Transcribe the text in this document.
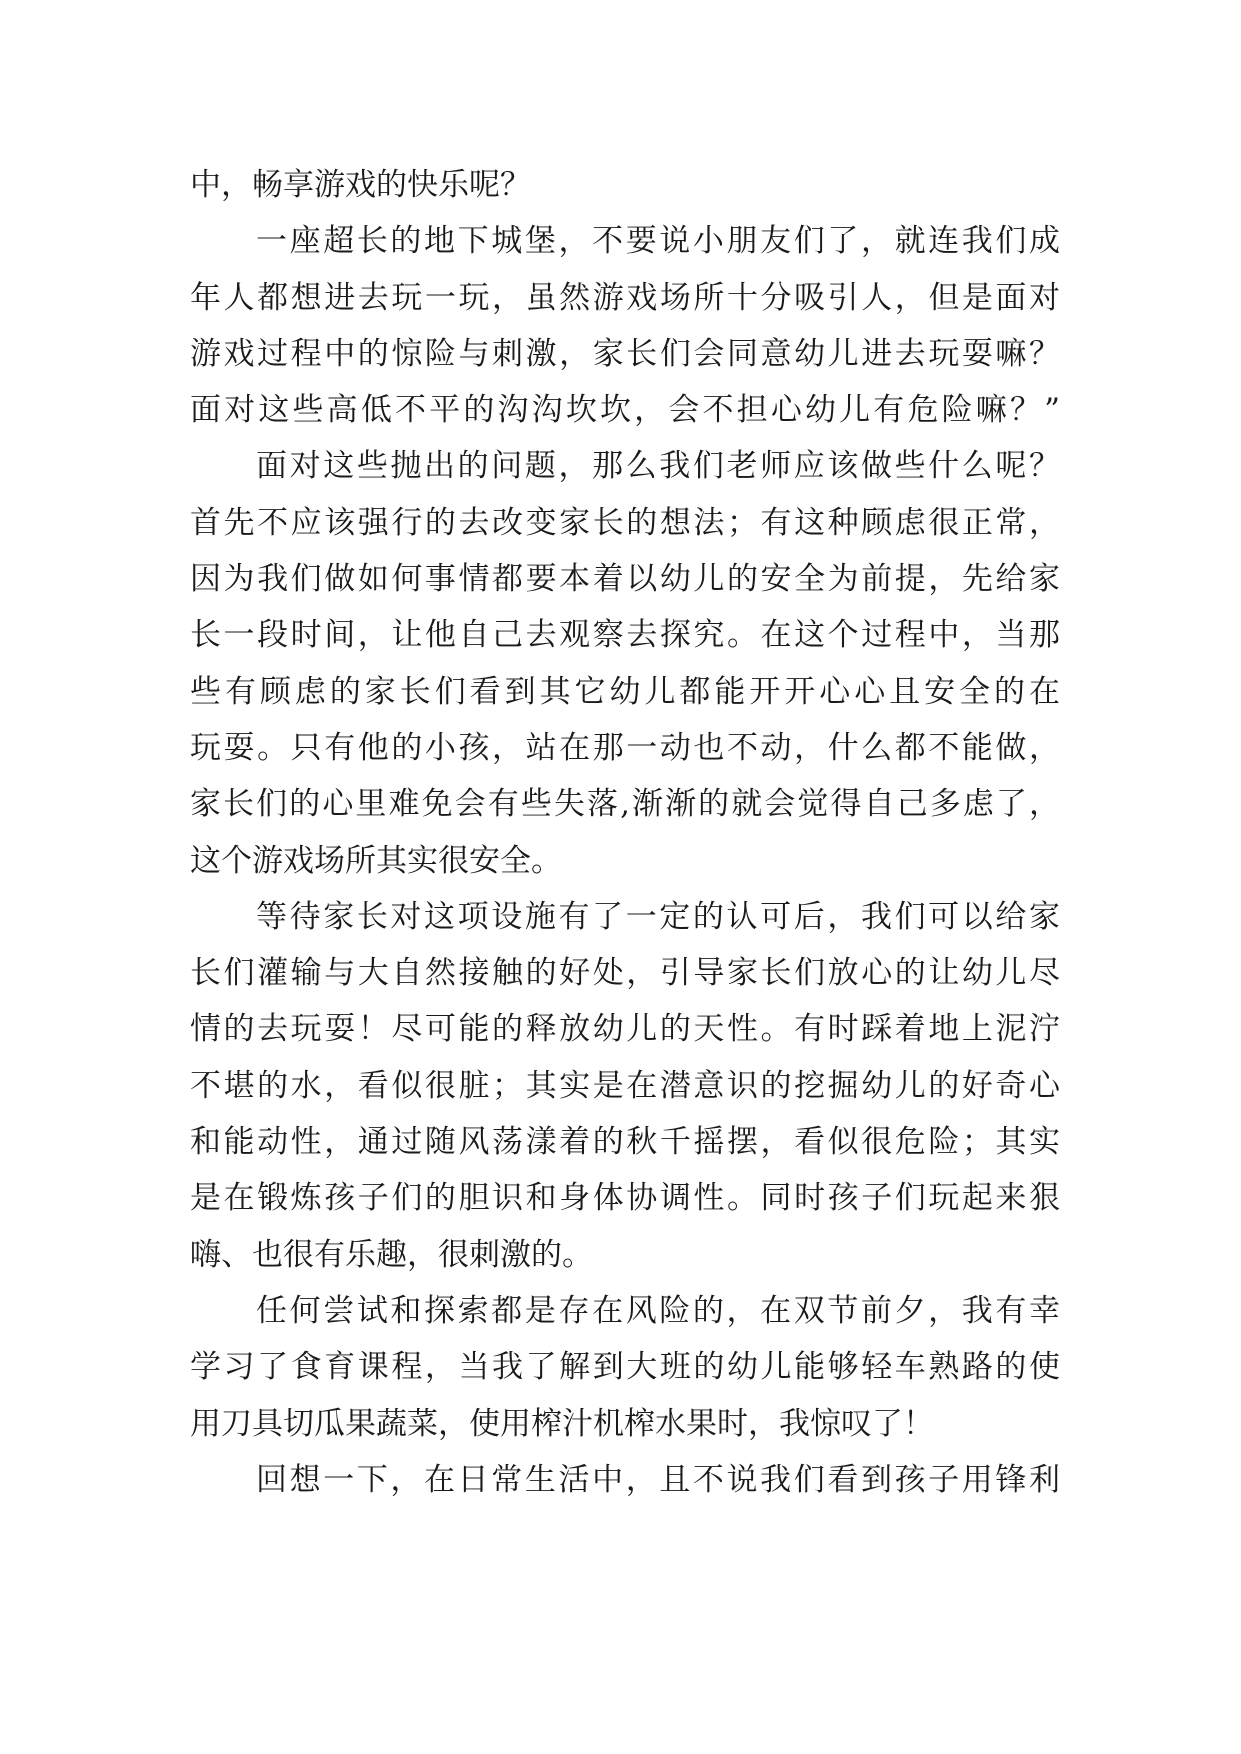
中，畅享游戏的快乐呢？
一座超长的地下城堡，不要说小朋友们了，就连我们成
年人都想进去玩一玩，虽然游戏场所十分吸引人，但是面对
游戏过程中的惊险与刺激，家长们会同意幼儿进去玩耍嘛？
面对这些高低不平的沟沟坎坎，会不担心幼儿有危险嘛？”
面对这些抛出的问题，那么我们老师应该做些什么呢？
首先不应该强行的去改变家长的想法；有这种顾虑很正常，
因为我们做如何事情都要本着以幼儿的安全为前提，先给家
长一段时间，让他自己去观察去探究。在这个过程中，当那
些有顾虑的家长们看到其它幼儿都能开开心心且安全的在
玩耍。只有他的小孩，站在那一动也不动，什么都不能做，
家长们的心里难免会有些失落,渐渐的就会觉得自己多虑了，
这个游戏场所其实很安全。
等待家长对这项设施有了一定的认可后，我们可以给家
长们灌输与大自然接触的好处，引导家长们放心的让幼儿尽
情的去玩耍！尽可能的释放幼儿的天性。有时踩着地上泥泞
不堪的水，看似很脏；其实是在潜意识的挖掘幼儿的好奇心
和能动性，通过随风荡漾着的秋千摇摆，看似很危险；其实
是在锻炼孩子们的胆识和身体协调性。同时孩子们玩起来狠
嗨、也很有乐趣，很刺激的。
任何尝试和探索都是存在风险的，在双节前夕，我有幸
学习了食育课程，当我了解到大班的幼儿能够轻车熟路的使
用刀具切瓜果蔬菜，使用榨汁机榨水果时，我惊叹了！
回想一下，在日常生活中，且不说我们看到孩子用锋利
